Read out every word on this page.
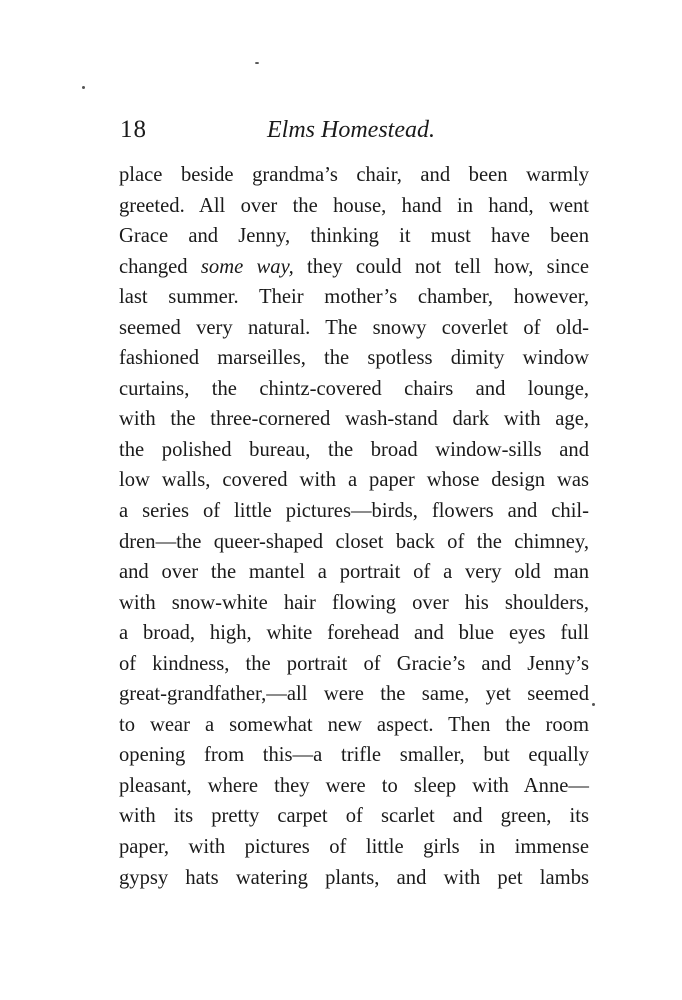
18	Elms Homestead.
place beside grandma’s chair, and been warmly
greeted. All over the house, hand in hand, went
Grace and Jenny, thinking it must have been
changed some way, they could not tell how, since
last summer. Their mother’s chamber, however,
seemed very natural. The snowy coverlet of old-
fashioned marseilles, the spotless dimity window
curtains, the chintz-covered chairs and lounge,
with the three-cornered wash-stand dark with age,
the polished bureau, the broad window-sills and
low walls, covered with a paper whose design was
a series of little pictures—birds, flowers and chil-
dren—the queer-shaped closet back of the chimney,
and over the mantel a portrait of a very old man
with snow-white hair flowing over his shoulders,
a broad, high, white forehead and blue eyes full
of kindness, the portrait of Gracie’s and Jenny’s
great-grandfather,—all were the same, yet seemed
to wear a somewhat new aspect. Then the room
opening from this—a trifle smaller, but equally
pleasant, where they were to sleep with Anne—
with its pretty carpet of scarlet and green, its
paper, with pictures of little girls in immense
gypsy hats watering plants, and with pet lambs
